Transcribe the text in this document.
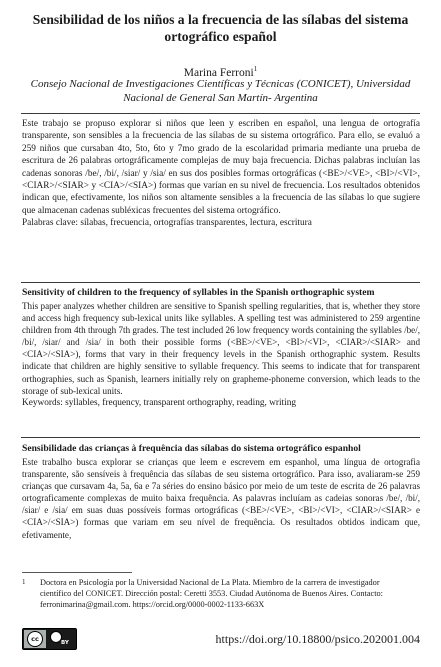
Sensibilidad de los niños a la frecuencia de las sílabas del sistema ortográfico español
Marina Ferroni$^1$
Consejo Nacional de Investigaciones Científicas y Técnicas (CONICET), Universidad Nacional de General San Martín- Argentina

Este trabajo se propuso explorar si niños que leen y escriben en español, una lengua de ortografía transparente, son sensibles a la frecuencia de las sílabas de su sistema ortográfico. Para ello, se evaluó a 259 niños que cursaban 4to, 5to, 6to y 7mo grado de la escolaridad primaria mediante una prueba de escritura de 26 palabras ortográficamente complejas de muy baja frecuencia. Dichas palabras incluían las cadenas sonoras /be/, /bi/, /siar/ y /sia/ en sus dos posibles formas ortográficas (<BE>/<VE>, <BI>/<VI>, <CIAR>/<SIAR> y <CIA>/<SIA>) formas que varían en su nivel de frecuencia. Los resultados obtenidos indican que, efectivamente, los niños son altamente sensibles a la frecuencia de las sílabas lo que sugiere que almacenan cadenas subléxicas frecuentes del sistema ortográfico.

Palabras clave: sílabas, frecuencia, ortografías transparentes, lectura, escritura

Sensitivity of children to the frequency of syllables in the Spanish orthographic system

This paper analyzes whether children are sensitive to Spanish spelling regularities, that is, whether they store and access high frequency sub-lexical units like syllables. A spelling test was administered to 259 argentine children from 4th through 7th grades. The test included 26 low frequency words containing the syllables /be/, /bi/, /siar/ and /sia/ in both their possible forms (<BE>/<VE>, <BI>/<VI>, <CIAR>/<SIAR> and <CIA>/<SIA>), forms that vary in their frequency levels in the Spanish orthographic system. Results indicate that children are highly sensitive to syllable frequency. This seems to indicate that for transparent orthographies, such as Spanish, learners initially rely on grapheme-phoneme conversion, which leads to the storage of sub-lexical units.

Keywords: syllables, frequency, transparent orthography, reading, writing

Sensibilidade das crianças à frequência das sílabas do sistema ortográfico espanhol

Este trabalho busca explorar se crianças que leem e escrevem em espanhol, uma língua de ortografia transparente, são sensíveis à frequência das sílabas de seu sistema ortográfico. Para isso, avaliaram-se 259 crianças que cursavam 4a, 5a, 6a e 7a séries do ensino básico por meio de um teste de escrita de 26 palavras ortograficamente complexas de muito baixa frequência. As palavras incluíam as cadeias sonoras /be/, /bi/, /siar/ e /sia/ em suas duas possíveis formas ortográficas (<BE>/<VE>, <BI>/<VI>, <CIAR>/<SIAR> e <CIA>/<SIA>) formas que variam em seu nível de frequência. Os resultados obtidos indicam que, efetivamente,

1 Doctora en Psicología por la Universidad Nacional de La Plata. Miembro de la carrera de investigador científico del CONICET. Dirección postal: Ceretti 3553. Ciudad Autónoma de Buenos Aires. Contacto: ferronimarina@gmail.com. https://orcid.org/0000-0002-1133-663X

cc	BY	https://doi.org/10.18800/psico.202001.004
